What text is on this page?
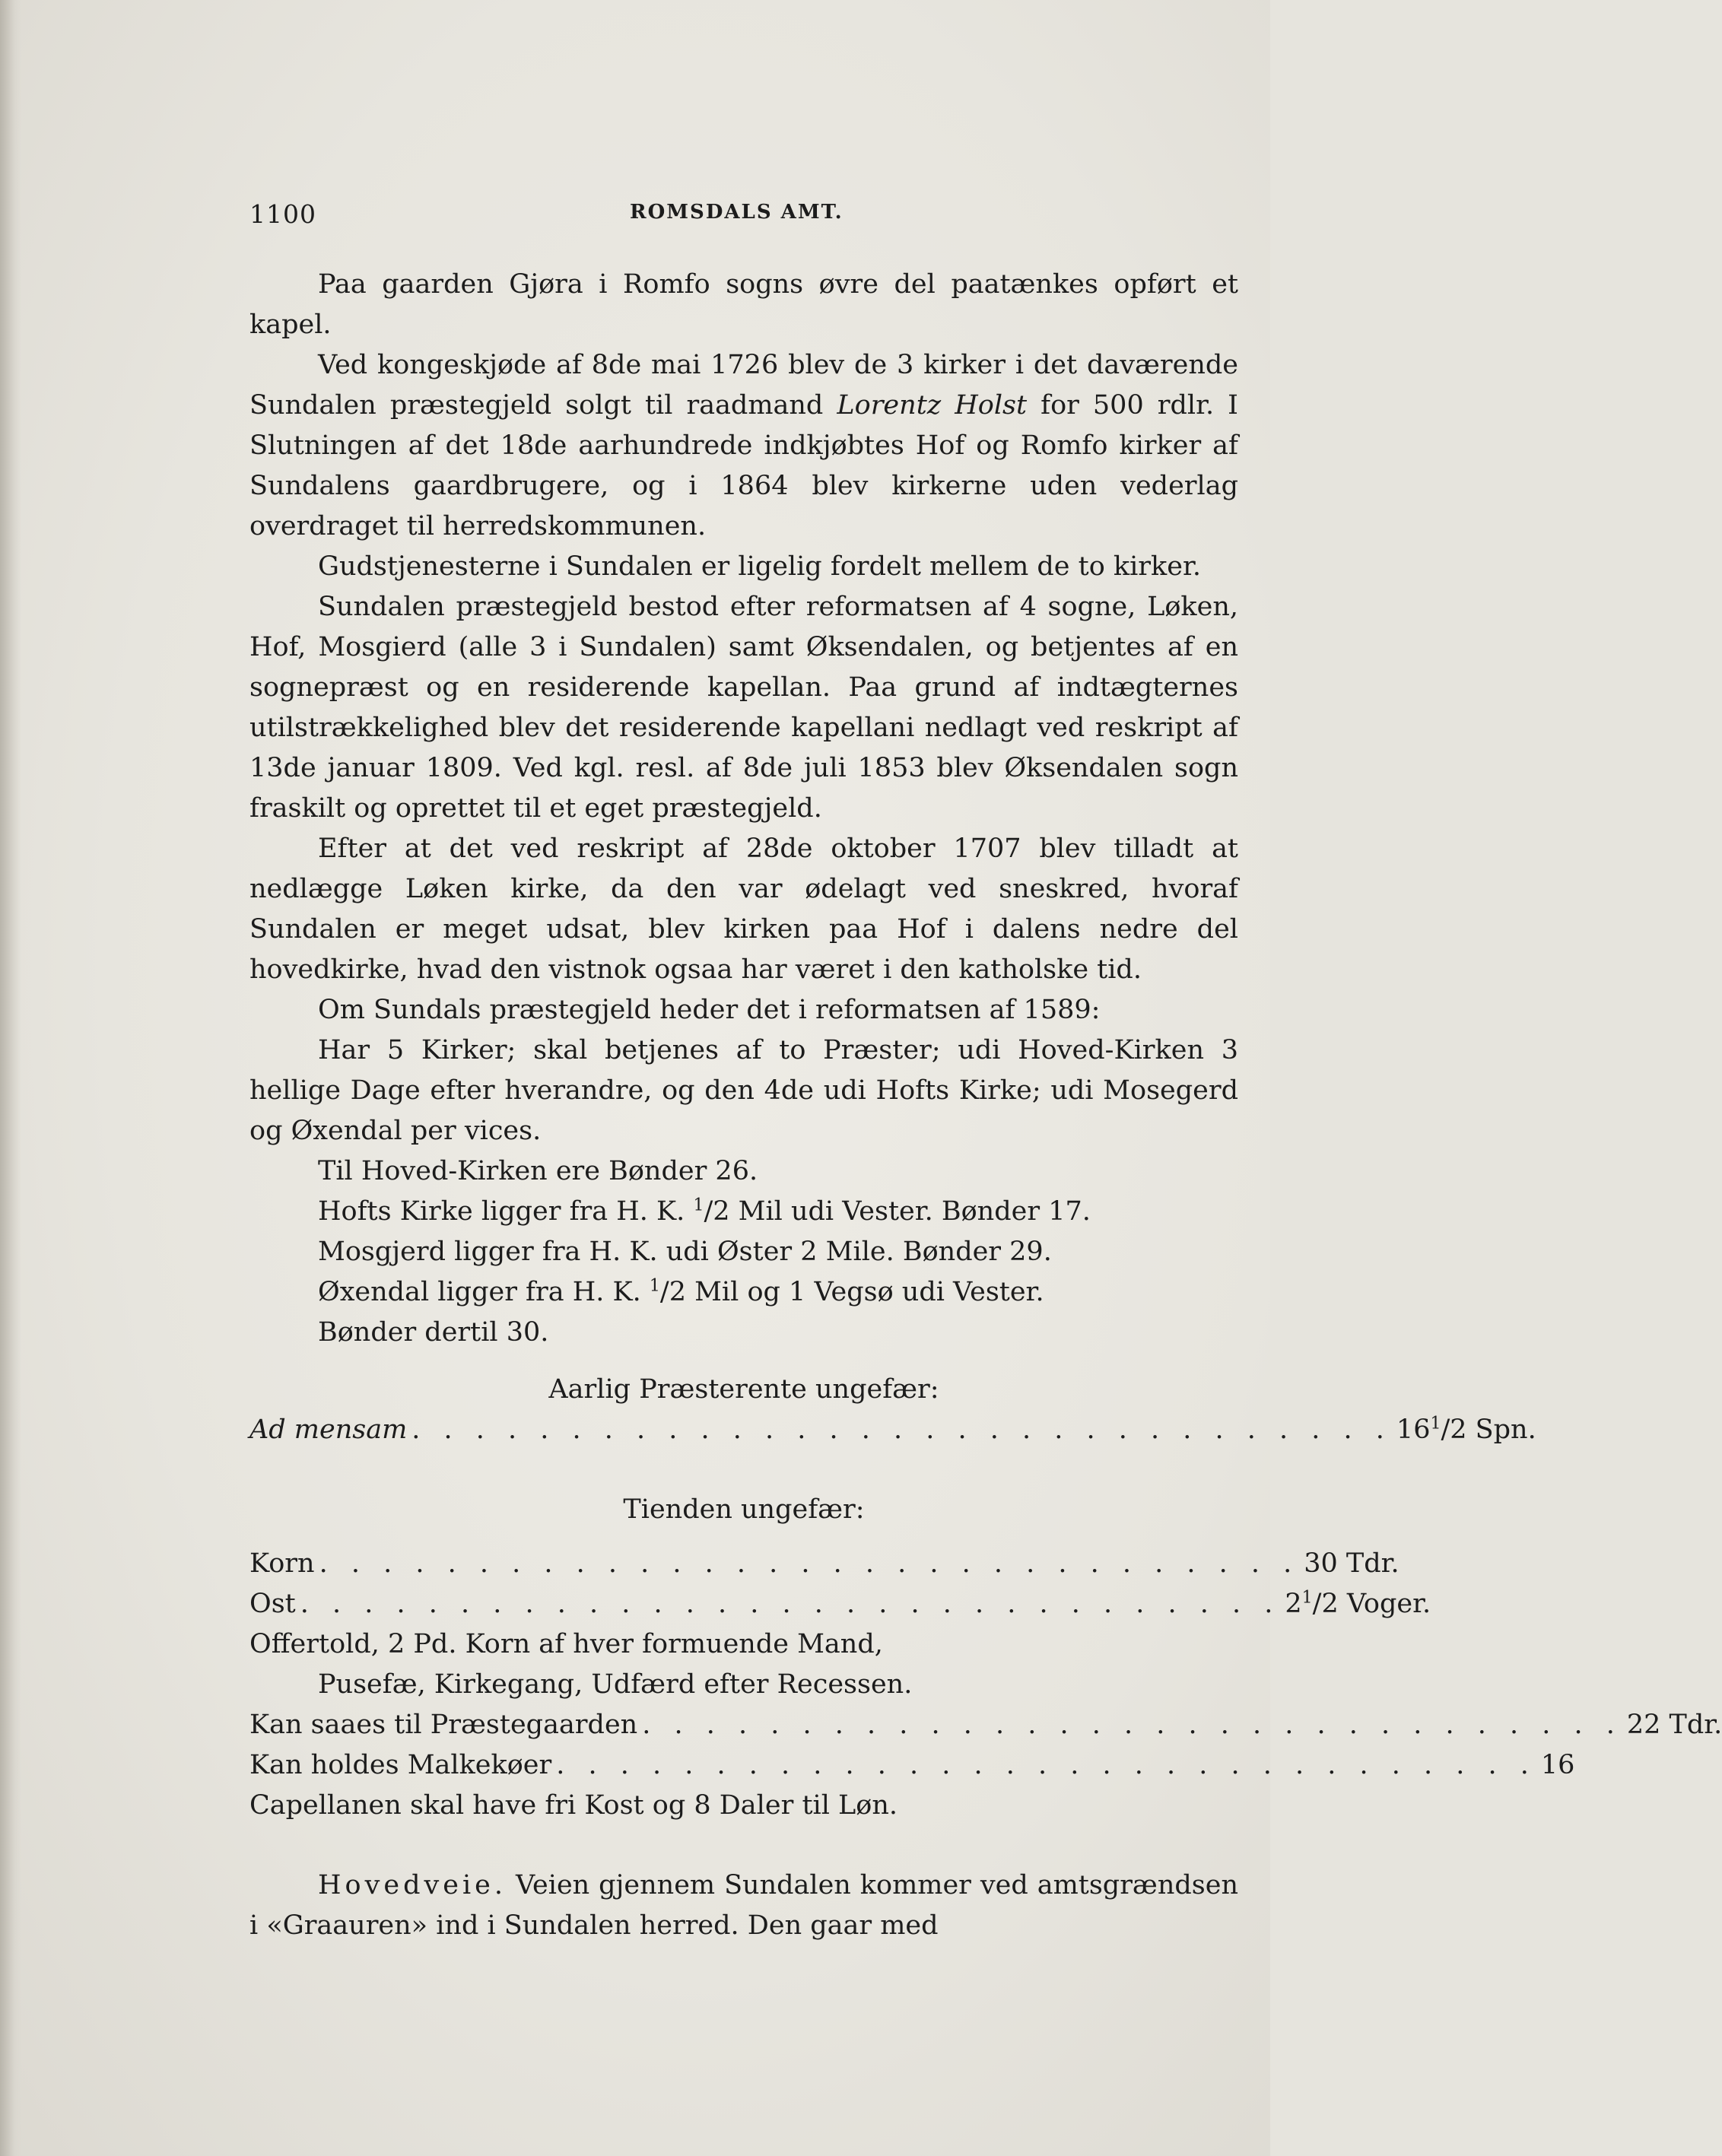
1100	ROMSDALS AMT.

Paa gaarden Gjøra i Romfo sogns øvre del paatænkes opført et kapel.

Ved kongeskjøde af 8de mai 1726 blev de 3 kirker i det daværende Sundalen præstegjeld solgt til raadmand Lorentz Holst for 500 rdlr. I Slutningen af det 18de aarhundrede indkjøbtes Hof og Romfo kirker af Sundalens gaardbrugere, og i 1864 blev kirkerne uden vederlag overdraget til herredskommunen.

Gudstjenesterne i Sundalen er ligelig fordelt mellem de to kirker.

Sundalen præstegjeld bestod efter reformatsen af 4 sogne, Løken, Hof, Mosgierd (alle 3 i Sundalen) samt Øksendalen, og betjentes af en sognepræst og en residerende kapellan. Paa grund af indtægternes utilstrækkelighed blev det residerende kapellani nedlagt ved reskript af 13de januar 1809. Ved kgl. resl. af 8de juli 1853 blev Øksendalen sogn fraskilt og oprettet til et eget præstegjeld.

Efter at det ved reskript af 28de oktober 1707 blev tilladt at nedlægge Løken kirke, da den var ødelagt ved sneskred, hvoraf Sundalen er meget udsat, blev kirken paa Hof i dalens nedre del hovedkirke, hvad den vistnok ogsaa har været i den katholske tid.

Om Sundals præstegjeld heder det i reformatsen af 1589:

Har 5 Kirker; skal betjenes af to Præster; udi Hoved-Kirken 3 hellige Dage efter hverandre, og den 4de udi Hofts Kirke; udi Mosegerd og Øxendal per vices.

Til Hoved-Kirken ere Bønder 26.

Hofts Kirke ligger fra H. K. $^1$/2 Mil udi Vester. Bønder 17.

Mosgjerd ligger fra H. K. udi Øster 2 Mile. Bønder 29.

Øxendal ligger fra H. K. $^1$/2 Mil og 1 Vegsø udi Vester.

Bønder dertil 30.

Aarlig Præsterente ungefær:

Ad mensam . . . . . . . . . . . . . . . . . . . . . . . . . . . . . . . $16^1/2$ Spn.

Tienden ungefær:

Korn . . . . . . . . . . . . . . . . . . . . . . . . . . . . . . . 30 Tdr.
Ost . . . . . . . . . . . . . . . . . . . . . . . . . . . . . . . $2^1/2$ Voger.

Offertold, 2 Pd. Korn af hver formuende Mand,

Pusefæ, Kirkegang, Udfærd efter Recessen.

Kan saaes til Præstegaarden . . . . . . . . . . . . . . . . . . . . . . . . . . . . . . . 22 Tdr.
Kan holdes Malkekøer . . . . . . . . . . . . . . . . . . . . . . . . . . . . . . . 16

Capellanen skal have fri Kost og 8 Daler til Løn.

Hovedveie. Veien gjennem Sundalen kommer ved amtsgrændsen i «Graauren» ind i Sundalen herred. Den gaar med
